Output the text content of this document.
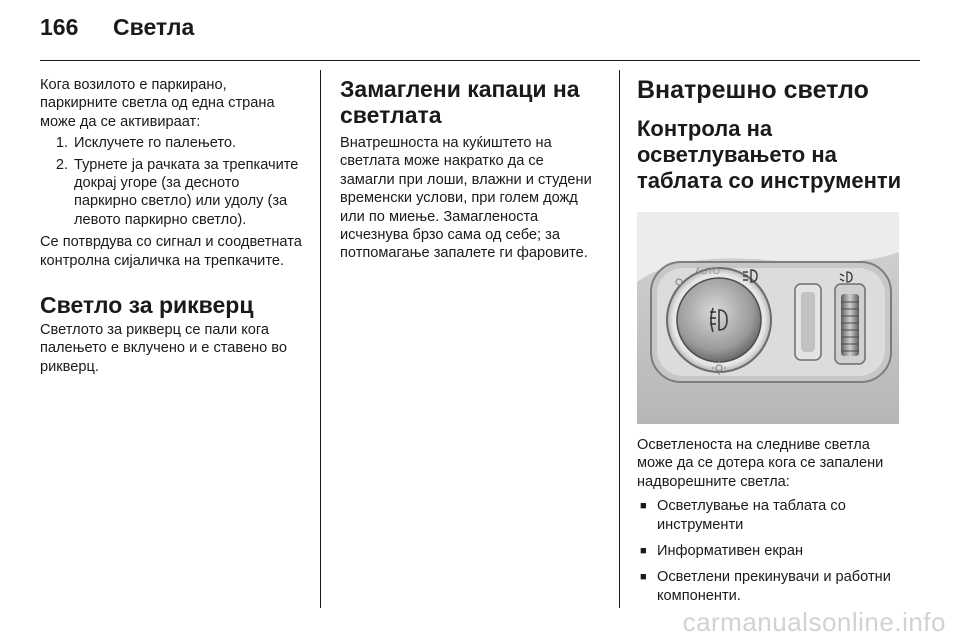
166 Светла

Кога возилото е паркирано, паркирните светла од една страна може да се активираат:

1. Исклучете го палењето.
2. Турнете ја рачката за трепкачите докрај угоре (за десното паркирно светло) или удолу (за левото паркирно светло).

Се потврдува со сигнал и соодветната контролна сијаличка на трепкачите.

Светло за рикверц

Светлото за рикверц се пали кога палењето е вклучено и е ставено во рикверц.

Замаглени капаци на светлата

Внатрешноста на куќиштето на светлата може накратко да се замагли при лоши, влажни и студени временски услови, при голем дожд или по миење. Замагленоста исчезнува брзо сама од себе; за потпомагање запалете ги фаровите.

Внатрешно светло
Контрола на осветлувањето на таблата со инструменти
AUTO

Осветленоста на следниве светла може да се дотера кога се запалени надворешните светла:

■ Осветлување на таблата со инструменти
■ Информативен екран
■ Осветлени прекинувачи и работни компоненти.
carmanualsonline.info
